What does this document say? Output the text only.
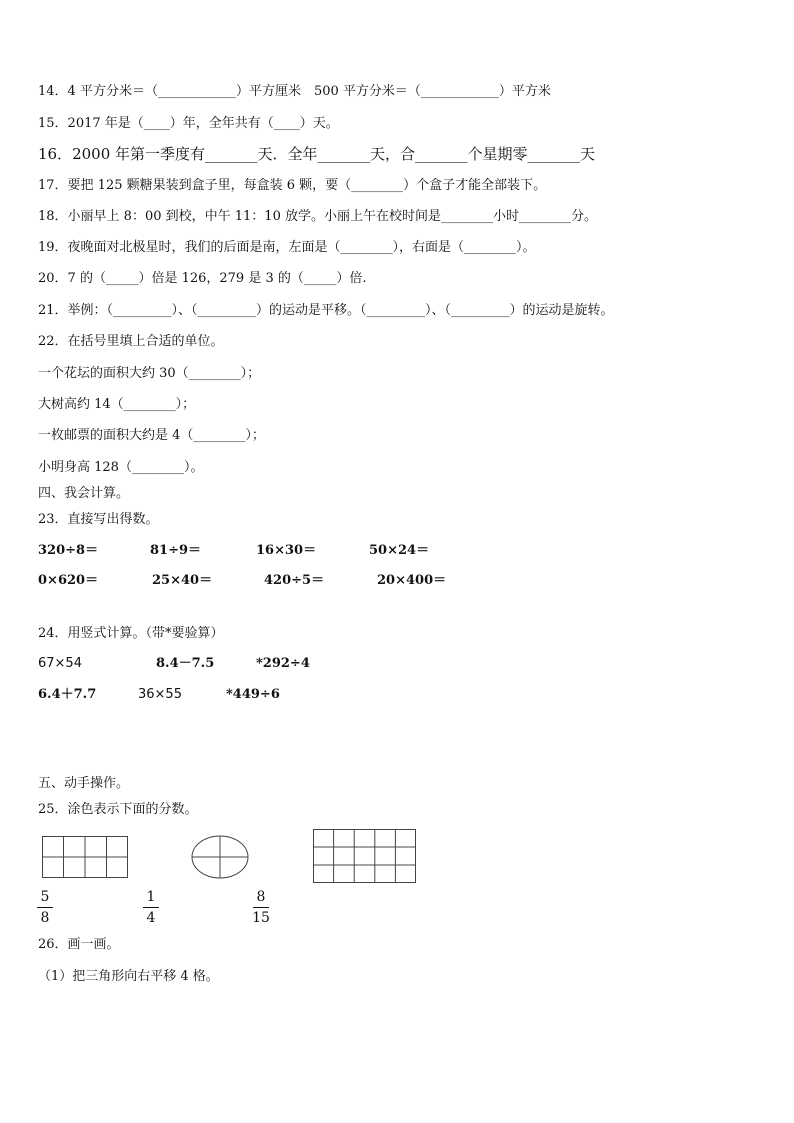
14．4 平方分米＝（____________）平方厘米　500 平方分米＝（____________）平方米
15．2017 年是（____）年，全年共有（____）天。
16．2000 年第一季度有_______天．全年_______天，合_______个星期零_______天
17．要把 125 颗糖果装到盒子里，每盒装 6 颗，要（________）个盒子才能全部装下。
18．小丽早上 8：00 到校，中午 11：10 放学。小丽上午在校时间是________小时________分。
19．夜晚面对北极星时，我们的后面是南，左面是（________），右面是（________）。
20．7 的（_____）倍是 126，279 是 3 的（_____）倍.
21．举例：（_________）、（_________）的运动是平移。（_________）、（_________）的运动是旋转。
22．在括号里填上合适的单位。
一个花坛的面积大约 30（________）；
大树高约 14（________）；
一枚邮票的面积大约是 4（________）；
小明身高 128（________）。
四、我会计算。
23．直接写出得数。
320÷8＝	81÷9＝	16×30＝	50×24＝
0×620＝	25×40＝	420÷5＝	20×400＝
24．用竖式计算。（带*要验算）
67×54	8.4－7.5	*292÷4
6.4＋7.7	36×55	*449÷6
五、动手操作。
25．涂色表示下面的分数。
5
8
1
4
8
15
26．画一画。
（1）把三角形向右平移 4 格。
